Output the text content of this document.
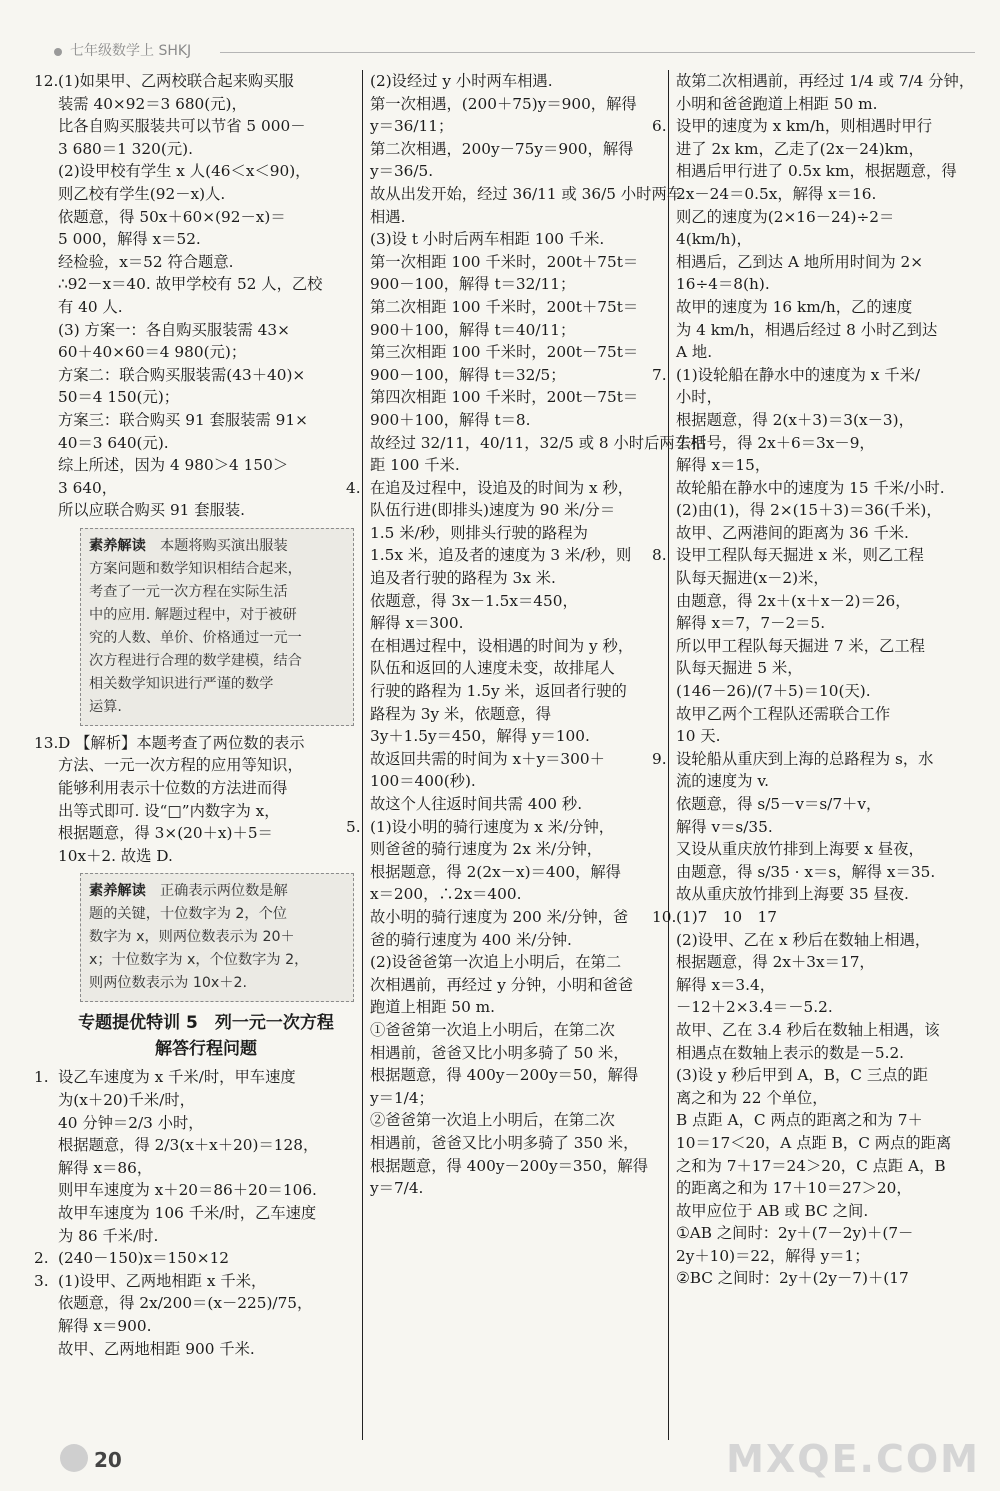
七年级数学上 SHKJ
12.(1)如果甲、乙两校联合起来购买服
装需 40×92＝3 680(元)，
比各自购买服装共可以节省 5 000－
3 680＝1 320(元).
(2)设甲校有学生 x 人(46＜x＜90)，
则乙校有学生(92－x)人.
依题意，得 50x＋60×(92－x)＝
5 000，解得 x＝52.
经检验，x＝52 符合题意.
∴92－x＝40. 故甲学校有 52 人，乙校
有 40 人.
(3) 方案一：各自购买服装需 43×
60＋40×60＝4 980(元)；
方案二：联合购买服装需(43＋40)×
50＝4 150(元)；
方案三：联合购买 91 套服装需 91×
40＝3 640(元).
综上所述，因为 4 980＞4 150＞
3 640，
所以应联合购买 91 套服装.
素养解读　 本题将购买演出服装
方案问题和数学知识相结合起来，
考查了一元一次方程在实际生活
中的应用. 解题过程中，对于被研
究的人数、单价、价格通过一元一
次方程进行合理的数学建模，结合
相关数学知识进行严谨的数学
运算.
13.D 【解析】本题考查了两位数的表示
方法、一元一次方程的应用等知识，
能够利用表示十位数的方法进而得
出等式即可. 设“□”内数字为 x，
根据题意，得 3×(20＋x)＋5＝
10x＋2. 故选 D.
素养解读　 正确表示两位数是解
题的关键，十位数字为 2，个位
数字为 x，则两位数表示为 20＋
x；十位数字为 x，个位数字为 2，
则两位数表示为 10x＋2.
专题提优特训 5　列一元一次方程
解答行程问题
1. 设乙车速度为 x 千米/时，甲车速度
为(x＋20)千米/时，
40 分钟＝2/3 小时，
根据题意，得 2/3(x＋x＋20)＝128，
解得 x＝86，
则甲车速度为 x＋20＝86＋20＝106.
故甲车速度为 106 千米/时，乙车速度
为 86 千米/时.
2. (240－150)x＝150×12
3. (1)设甲、乙两地相距 x 千米，
依题意，得 2x/200＝(x－225)/75，
解得 x＝900.
故甲、乙两地相距 900 千米.
(2)设经过 y 小时两车相遇.
第一次相遇，(200＋75)y＝900，解得
y＝36/11；
第二次相遇，200y－75y＝900，解得
y＝36/5.
故从出发开始，经过 36/11 或 36/5 小时两车
相遇.
(3)设 t 小时后两车相距 100 千米.
第一次相距 100 千米时，200t＋75t＝
900－100，解得 t＝32/11；
第二次相距 100 千米时，200t＋75t＝
900＋100，解得 t＝40/11；
第三次相距 100 千米时，200t－75t＝
900－100，解得 t＝32/5；
第四次相距 100 千米时，200t－75t＝
900＋100，解得 t＝8.
故经过 32/11，40/11，32/5 或 8 小时后两车相
距 100 千米.
4. 在追及过程中，设追及的时间为 x 秒，
队伍行进(即排头)速度为 90 米/分＝
1.5 米/秒，则排头行驶的路程为
1.5x 米，追及者的速度为 3 米/秒，则
追及者行驶的路程为 3x 米.
依题意，得 3x－1.5x＝450，
解得 x＝300.
在相遇过程中，设相遇的时间为 y 秒，
队伍和返回的人速度未变，故排尾人
行驶的路程为 1.5y 米，返回者行驶的
路程为 3y 米，依题意，得
3y＋1.5y＝450，解得 y＝100.
故返回共需的时间为 x＋y＝300＋
100＝400(秒).
故这个人往返时间共需 400 秒.
5. (1)设小明的骑行速度为 x 米/分钟，
则爸爸的骑行速度为 2x 米/分钟，
根据题意，得 2(2x－x)＝400，解得
x＝200，∴2x＝400.
故小明的骑行速度为 200 米/分钟，爸
爸的骑行速度为 400 米/分钟.
(2)设爸爸第一次追上小明后，在第二
次相遇前，再经过 y 分钟，小明和爸爸
跑道上相距 50 m.
①爸爸第一次追上小明后，在第二次
相遇前，爸爸又比小明多骑了 50 米，
根据题意，得 400y－200y＝50，解得
y＝1/4；
②爸爸第一次追上小明后，在第二次
相遇前，爸爸又比小明多骑了 350 米，
根据题意，得 400y－200y＝350，解得
y＝7/4.
故第二次相遇前，再经过 1/4 或 7/4 分钟，
小明和爸爸跑道上相距 50 m.
6. 设甲的速度为 x km/h，则相遇时甲行
进了 2x km，乙走了(2x－24)km，
相遇后甲行进了 0.5x km，根据题意，得
2x－24＝0.5x，解得 x＝16.
则乙的速度为(2×16－24)÷2＝
4(km/h)，
相遇后，乙到达 A 地所用时间为 2×
16÷4＝8(h).
故甲的速度为 16 km/h，乙的速度
为 4 km/h，相遇后经过 8 小时乙到达
A 地.
7. (1)设轮船在静水中的速度为 x 千米/
小时，
根据题意，得 2(x＋3)＝3(x－3)，
去括号，得 2x＋6＝3x－9，
解得 x＝15，
故轮船在静水中的速度为 15 千米/小时.
(2)由(1)，得 2×(15＋3)＝36(千米)，
故甲、乙两港间的距离为 36 千米.
8. 设甲工程队每天掘进 x 米，则乙工程
队每天掘进(x－2)米，
由题意，得 2x＋(x＋x－2)＝26，
解得 x＝7，7－2＝5.
所以甲工程队每天掘进 7 米，乙工程
队每天掘进 5 米，
(146－26)/(7＋5)＝10(天).
故甲乙两个工程队还需联合工作
10 天.
9. 设轮船从重庆到上海的总路程为 s，水
流的速度为 v.
依题意，得 s/5－v＝s/7＋v，
解得 v＝s/35.
又设从重庆放竹排到上海要 x 昼夜，
由题意，得 s/35 · x＝s，解得 x＝35.
故从重庆放竹排到上海要 35 昼夜.
10.(1)7　10　17
(2)设甲、乙在 x 秒后在数轴上相遇，
根据题意，得 2x＋3x＝17，
解得 x＝3.4，
－12＋2×3.4＝－5.2.
故甲、乙在 3.4 秒后在数轴上相遇，该
相遇点在数轴上表示的数是－5.2.
(3)设 y 秒后甲到 A，B，C 三点的距
离之和为 22 个单位，
B 点距 A，C 两点的距离之和为 7＋
10＝17＜20，A 点距 B，C 两点的距离
之和为 7＋17＝24＞20，C 点距 A，B
的距离之和为 17＋10＝27＞20，
故甲应位于 AB 或 BC 之间.
①AB 之间时：2y＋(7－2y)＋(7－
2y＋10)＝22，解得 y＝1；
②BC 之间时：2y＋(2y－7)＋(17
20	MXQE.COM
